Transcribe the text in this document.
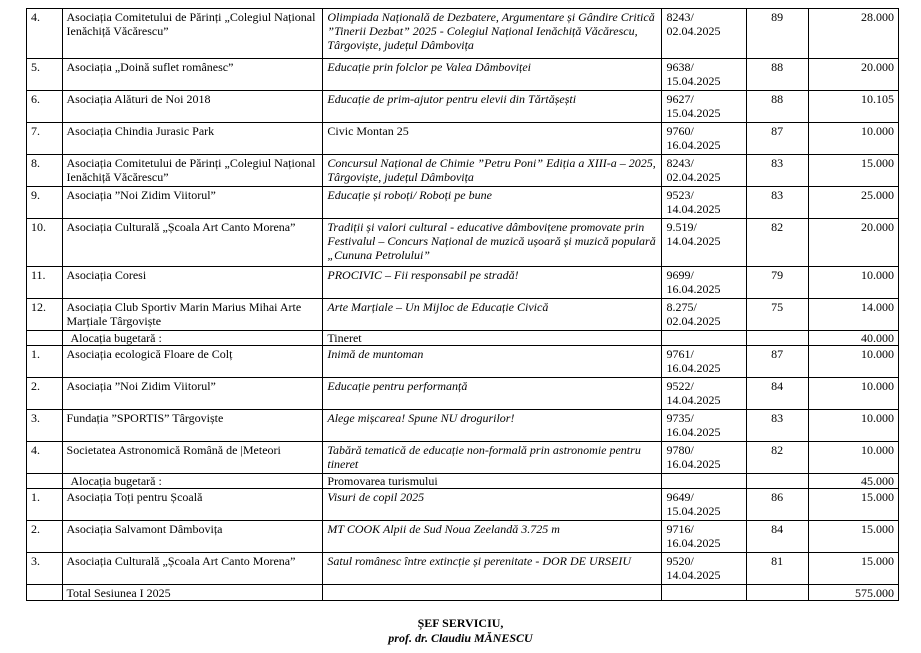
4.	Asociația Comitetului de Părinți „Colegiul Național Ienăchiță Văcărescu”	Olimpiada Națională de Dezbatere, Argumentare și Gândire Critică ”Tinerii Dezbat” 2025 - Colegiul Național Ienăchiță Văcărescu, Târgoviște, județul Dâmbovița	8243/ 02.04.2025	89	28.000
5.	Asociația „Doină suflet românesc”	Educație prin folclor pe Valea Dâmboviței	9638/ 15.04.2025	88	20.000
6.	Asociația Alături de Noi 2018	Educație de prim-ajutor pentru elevii din Tărtășești	9627/ 15.04.2025	88	10.105
7.	Asociația Chindia Jurasic Park	Civic Montan 25	9760/ 16.04.2025	87	10.000
8.	Asociația Comitetului de Părinți „Colegiul Național Ienăchiță Văcărescu”	Concursul Național de Chimie ”Petru Poni” Ediția a XIII-a – 2025, Târgoviște, județul Dâmbovița	8243/ 02.04.2025	83	15.000
9.	Asociația ”Noi Zidim Viitorul”	Educație și roboți/ Roboți pe bune	9523/ 14.04.2025	83	25.000
10.	Asociația Culturală „Școala Art Canto Morena”	Tradiții și valori cultural - educative dâmbovițene promovate prin Festivalul – Concurs Național de muzică ușoară și muzică populară „Cununa Petrolului”	9.519/ 14.04.2025	82	20.000
11.	Asociația Coresi	PROCIVIC – Fii responsabil pe stradă!	9699/ 16.04.2025	79	10.000
12.	Asociația Club Sportiv Marin Marius Mihai Arte Marțiale Târgoviște	Arte Marțiale – Un Mijloc de Educație Civică	8.275/ 02.04.2025	75	14.000
	Alocația bugetară :	Tineret			40.000
1.	Asociația ecologică Floare de Colț	Inimă de muntoman	9761/ 16.04.2025	87	10.000
2.	Asociația ”Noi Zidim Viitorul”	Educație pentru performanță	9522/ 14.04.2025	84	10.000
3.	Fundația ”SPORTIS” Târgoviște	Alege mișcarea! Spune NU drogurilor!	9735/ 16.04.2025	83	10.000
4.	Societatea Astronomică Română de |Meteori	Tabără tematică de educație non-formală prin astronomie pentru tineret	9780/ 16.04.2025	82	10.000
	Alocația bugetară :	Promovarea turismului			45.000
1.	Asociația Toți pentru Școală	Visuri de copil 2025	9649/ 15.04.2025	86	15.000
2.	Asociația Salvamont Dâmbovița	MT COOK Alpii de Sud Noua Zeelandă 3.725 m	9716/ 16.04.2025	84	15.000
3.	Asociația Culturală „Școala Art Canto Morena”	Satul românesc între extincție și perenitate - DOR DE URSEIU	9520/ 14.04.2025	81	15.000
	Total Sesiunea I 2025				575.000
ȘEF SERVICIU,
prof. dr. Claudiu MĂNESCU
